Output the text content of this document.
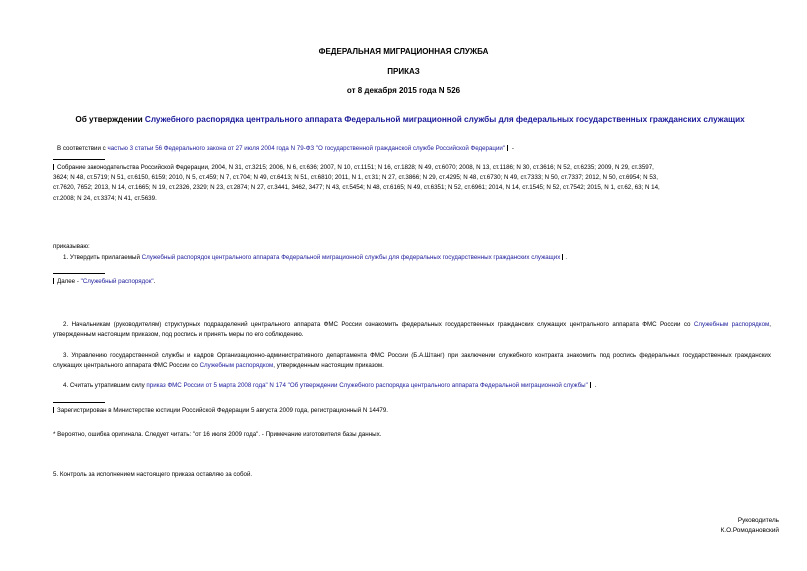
ФЕДЕРАЛЬНАЯ МИГРАЦИОННАЯ СЛУЖБА
ПРИКАЗ
от 8 декабря 2015 года N 526
Об утверждении Служебного распорядка центрального аппарата Федеральной миграционной службы для федеральных государственных гражданских служащих
В соответствии с частью 3 статьи 56 Федерального закона от 27 июля 2004 года N 79-ФЗ "О государственной гражданской службе Российской Федерации" -
Собрание законодательства Российской Федерации, 2004, N 31, ст.3215; 2006, N 6, ст.636; 2007, N 10, ст.1151; N 16, ст.1828; N 49, ст.6070; 2008, N 13, ст.1186; N 30, ст.3616; N 52, ст.6235; 2009, N 29, ст.3597,
3624; N 48, ст.5719; N 51, ст.6150, 6159; 2010, N 5, ст.459; N 7, ст.704; N 49, ст.6413; N 51, ст.6810; 2011, N 1, ст.31; N 27, ст.3866; N 29, ст.4295; N 48, ст.6730; N 49, ст.7333; N 50, ст.7337; 2012, N 50, ст.6954; N 53,
ст.7620, 7652; 2013, N 14, ст.1665; N 19, ст.2326, 2329; N 23, ст.2874; N 27, ст.3441, 3462, 3477; N 43, ст.5454; N 48, ст.6165; N 49, ст.6351; N 52, ст.6961; 2014, N 14, ст.1545; N 52, ст.7542; 2015, N 1, ст.62, 63; N 14,
ст.2008; N 24, ст.3374; N 41, ст.5639.
приказываю:
1. Утвердить прилагаемый Служебный распорядок центрального аппарата Федеральной миграционной службы для федеральных государственных гражданских служащих .
Далее - "Служебный распорядок".
2. Начальникам (руководителям) структурных подразделений центрального аппарата ФМС России ознакомить федеральных государственных гражданских служащих центрального аппарата ФМС России со Служебным распорядком, утвержденным настоящим приказом, под роспись и принять меры по его соблюдению.
3. Управлению государственной службы и кадров Организационно-административного департамента ФМС России (Б.А.Штанг) при заключении служебного контракта знакомить под роспись федеральных государственных гражданских служащих центрального аппарата ФМС России со Служебным распорядком, утвержденным настоящим приказом.
4. Считать утратившим силу приказ ФМС России от 5 марта 2008 года" N 174 "Об утверждении Служебного распорядка центрального аппарата Федеральной миграционной службы" .
Зарегистрирован в Министерстве юстиции Российской Федерации 5 августа 2009 года, регистрационный N 14479.
* Вероятно, ошибка оригинала. Следует читать: "от 16 июля 2009 года". - Примечание изготовителя базы данных.
5. Контроль за исполнением настоящего приказа оставляю за собой.
Руководитель
К.О.Ромодановский
